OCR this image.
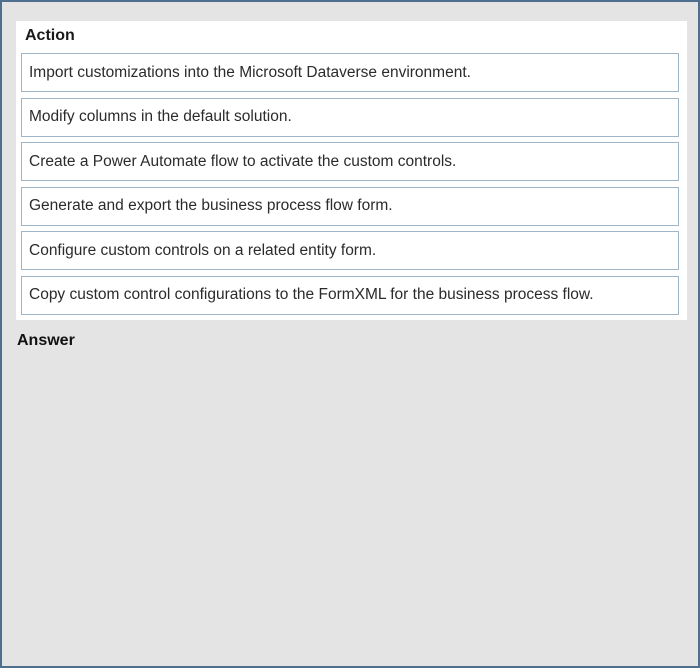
Action
Import customizations into the Microsoft Dataverse environment.
Modify columns in the default solution.
Create a Power Automate flow to activate the custom controls.
Generate and export the business process flow form.
Configure custom controls on a related entity form.
Copy custom control configurations to the FormXML for the business process flow.
Answer
